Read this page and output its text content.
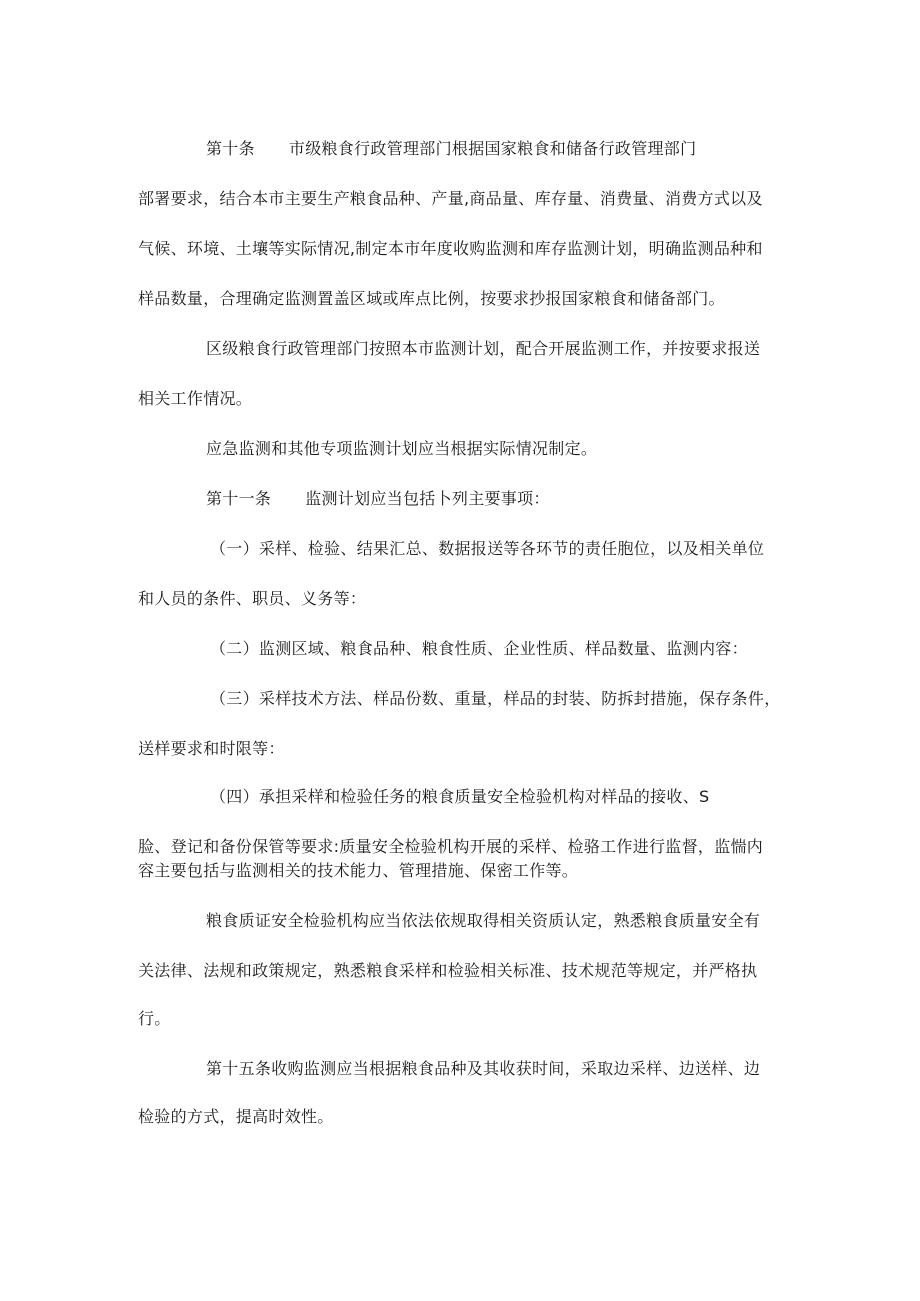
第十条 市级粮食行政管理部门根据国家粮食和储备行政管理部门
部署要求，结合本市主要生产粮食品种、产量,商品量、库存量、消费量、消费方式以及
气候、环境、土壤等实际情况,制定本市年度收购监测和库存监测计划，明确监测品种和
样品数量，合理确定监测置盖区域或库点比例，按要求抄报国家粮食和储备部门。
区级粮食行政管理部门按照本市监测计划，配合开展监测工作，并按要求报送
相关工作情况。
应急监测和其他专项监测计划应当根据实际情况制定。
第十一条 监测计划应当包括卜列主要事项：
（一）采样、检验、结果汇总、数据报送等各环节的责任胞位，以及相关单位
和人员的条件、职员、义务等：
（二）监测区域、粮食品种、粮食性质、企业性质、样品数量、监测内容：
（三）采样技术方法、样品份数、重量，样品的封装、防拆封措施，保存条件，
送样要求和时限等：
（四）承担采样和检验任务的粮食质量安全检验机构对样品的接收、S
脸、登记和备份保管等要求:质量安全检验机构开展的采样、检骆工作进行监督，监惴内
容主要包括与监测相关的技术能力、管理措施、保密工作等。
粮食质证安全检验机构应当依法依规取得相关资质认定，熟悉粮食质量安全有
关法律、法规和政策规定，熟悉粮食采样和检验相关标准、技术规范等规定，并严格执
行。
第十五条收购监测应当根据粮食品种及其收获时间，采取边采样、边送样、边
检验的方式，提高时效性。
